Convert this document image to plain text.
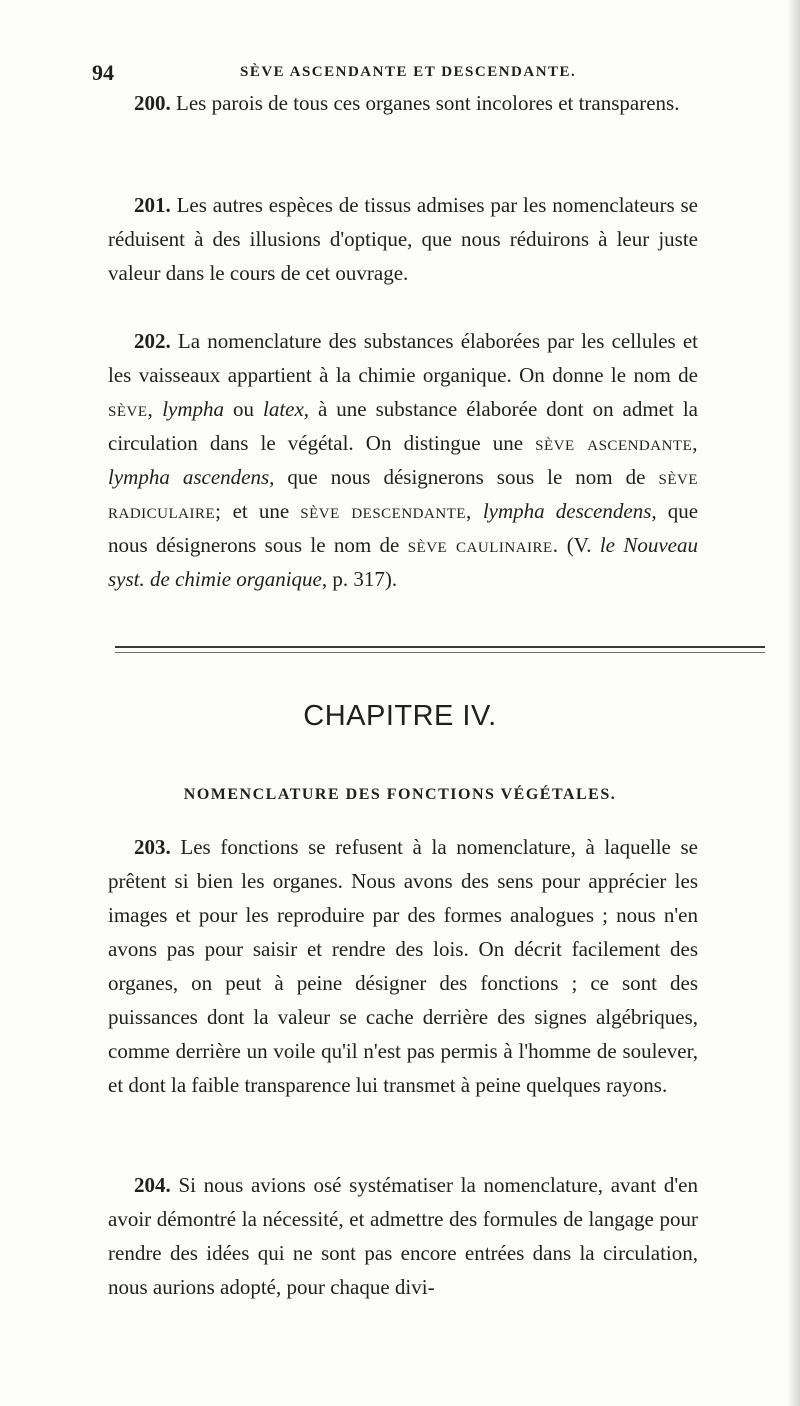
94	SÈVE ASCENDANTE ET DESCENDANTE.

200. Les parois de tous ces organes sont incolores et transparens.

201. Les autres espèces de tissus admises par les nomenclateurs se réduisent à des illusions d'optique, que nous réduirons à leur juste valeur dans le cours de cet ouvrage.

202. La nomenclature des substances élaborées par les cellules et les vaisseaux appartient à la chimie organique. On donne le nom de sève, lympha ou latex, à une substance élaborée dont on admet la circulation dans le végétal. On distingue une sève ascendante, lympha ascendens, que nous désignerons sous le nom de sève radiculaire; et une sève descendante, lympha descendens, que nous désignerons sous le nom de sève caulinaire. (V. le Nouveau syst. de chimie organique, p. 317).

CHAPITRE IV.
NOMENCLATURE DES FONCTIONS VÉGÉTALES.

203. Les fonctions se refusent à la nomenclature, à laquelle se prêtent si bien les organes. Nous avons des sens pour apprécier les images et pour les reproduire par des formes analogues ; nous n'en avons pas pour saisir et rendre des lois. On décrit facilement des organes, on peut à peine désigner des fonctions ; ce sont des puissances dont la valeur se cache derrière des signes algébriques, comme derrière un voile qu'il n'est pas permis à l'homme de soulever, et dont la faible transparence lui transmet à peine quelques rayons.

204. Si nous avions osé systématiser la nomenclature, avant d'en avoir démontré la nécessité, et admettre des formules de langage pour rendre des idées qui ne sont pas encore entrées dans la circulation, nous aurions adopté, pour chaque divi-
